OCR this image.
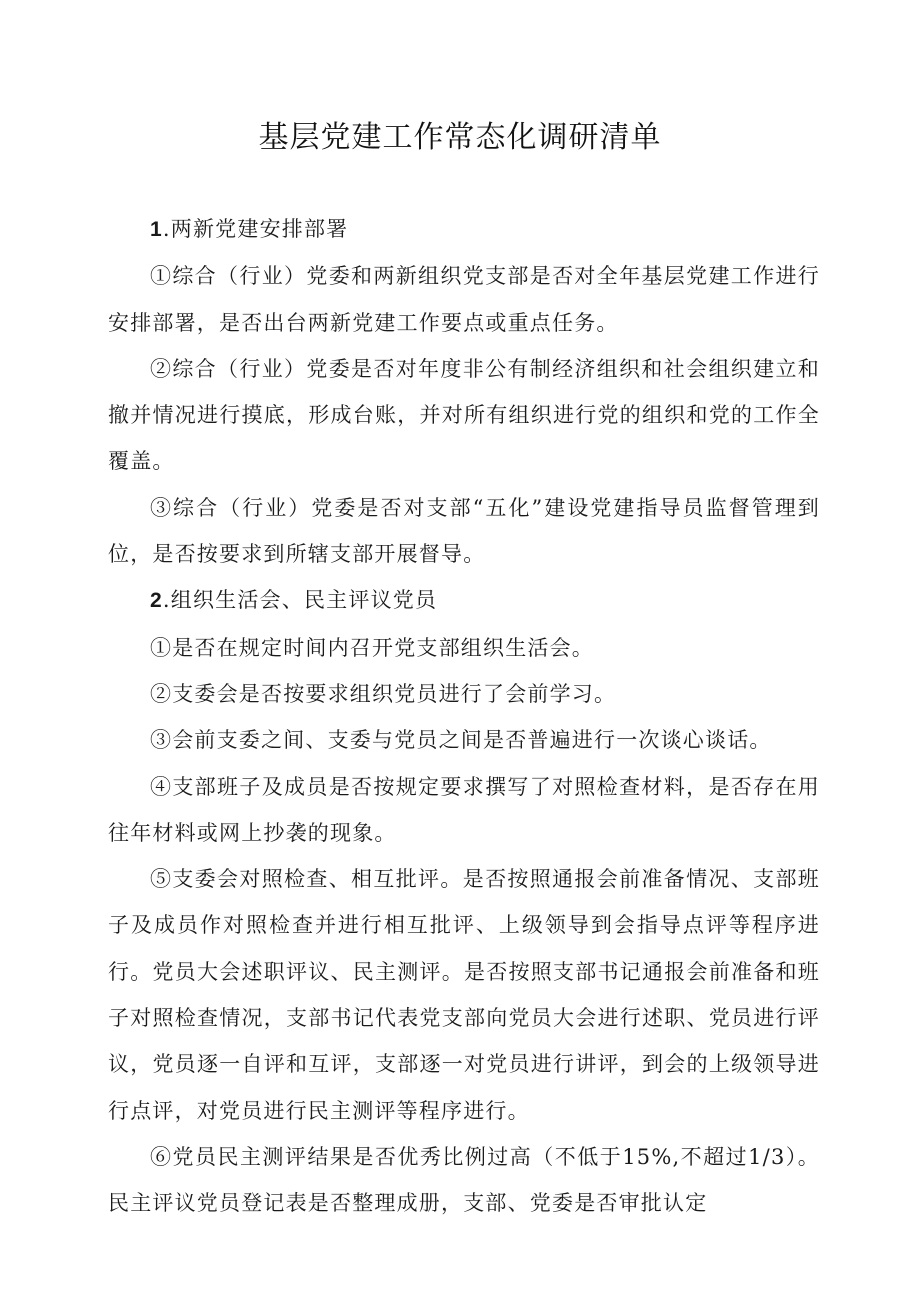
基层党建工作常态化调研清单

1.两新党建安排部署

①综合（行业）党委和两新组织党支部是否对全年基层党建工作进行安排部署，是否出台两新党建工作要点或重点任务。

②综合（行业）党委是否对年度非公有制经济组织和社会组织建立和撤并情况进行摸底，形成台账，并对所有组织进行党的组织和党的工作全覆盖。

③综合（行业）党委是否对支部“五化”建设党建指导员监督管理到位，是否按要求到所辖支部开展督导。

2.组织生活会、民主评议党员

①是否在规定时间内召开党支部组织生活会。

②支委会是否按要求组织党员进行了会前学习。

③会前支委之间、支委与党员之间是否普遍进行一次谈心谈话。

④支部班子及成员是否按规定要求撰写了对照检查材料，是否存在用往年材料或网上抄袭的现象。

⑤支委会对照检查、相互批评。是否按照通报会前准备情况、支部班子及成员作对照检查并进行相互批评、上级领导到会指导点评等程序进行。党员大会述职评议、民主测评。是否按照支部书记通报会前准备和班子对照检查情况，支部书记代表党支部向党员大会进行述职、党员进行评议，党员逐一自评和互评，支部逐一对党员进行讲评，到会的上级领导进行点评，对党员进行民主测评等程序进行。

⑥党员民主测评结果是否优秀比例过高（不低于15%,不超过1/3）。民主评议党员登记表是否整理成册，支部、党委是否审批认定
